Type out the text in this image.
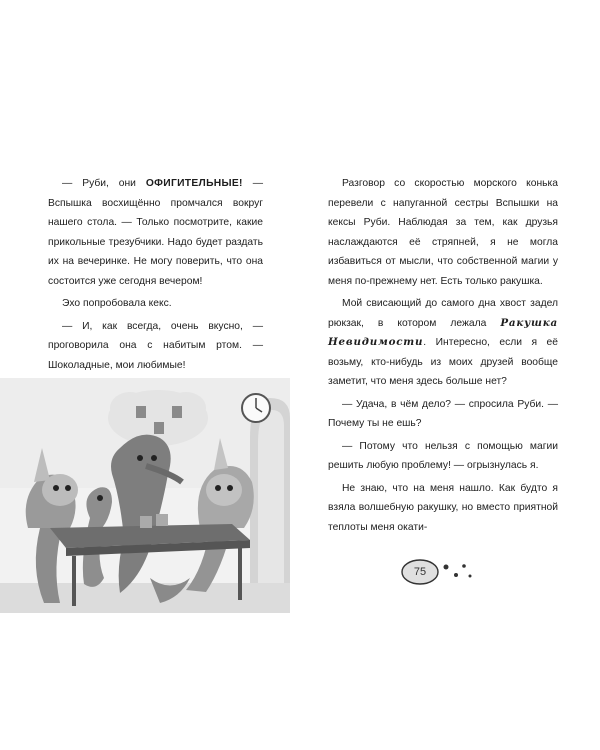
— Руби, они ОФИГИТЕЛЬНЫЕ! — Вспышка восхищённо промчался вокруг нашего стола. — Только посмотрите, какие прикольные трезубчики. Надо будет раздать их на вечеринке. Не могу поверить, что она состоится уже сегодня вечером!

Эхо попробовала кекс.

— И, как всегда, очень вкусно, — проговорила она с набитым ртом. — Шоколадные, мои любимые!

Разговор со скоростью морского конька перевели с напуганной сестры Вспышки на кексы Руби. Наблюдая за тем, как друзья наслаждаются её стряпней, я не могла избавиться от мысли, что собственной магии у меня по-прежнему нет. Есть только ракушка.

Мой свисающий до самого дна хвост задел рюкзак, в котором лежала Ракушка Невидимости. Интересно, если я её возьму, кто-нибудь из моих друзей вообще заметит, что меня здесь больше нет?

— Удача, в чём дело? — спросила Руби. — Почему ты не ешь?

— Потому что нельзя с помощью магии решить любую проблему! — огрызнулась я.

Не знаю, что на меня нашло. Как будто я взяла волшебную ракушку, но вместо приятной теплоты меня окати-

75
